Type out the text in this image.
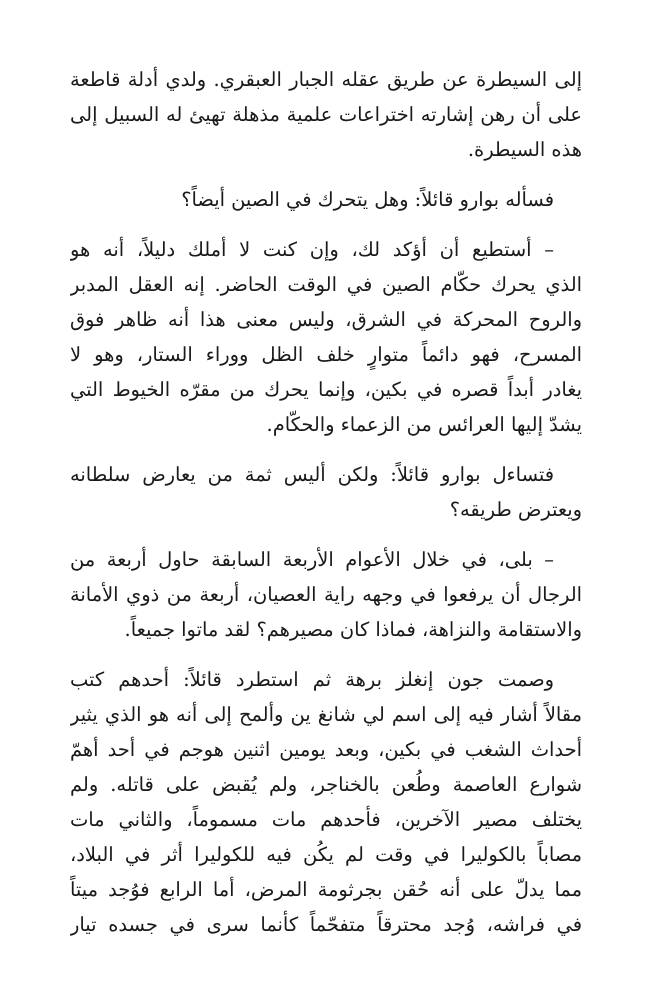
إلى السيطرة عن طريق عقله الجبار العبقري. ولدي أدلة قاطعة
على أن رهن إشارته اختراعات علمية مذهلة تهيئ له السبيل إلى
هذه السيطرة.

فسأله بوارو قائلاً: وهل يتحرك في الصين أيضاً؟

– أستطيع أن أؤكد لك، وإن كنت لا أملك دليلاً، أنه هو
الذي يحرك حكّام الصين في الوقت الحاضر. إنه العقل المدبر
والروح المحركة في الشرق، وليس معنى هذا أنه ظاهر فوق
المسرح، فهو دائماً متوارٍ خلف الظل ووراء الستار، وهو لا
يغادر أبداً قصره في بكين، وإنما يحرك من مقرّه الخيوط التي
يشدّ إليها العرائس من الزعماء والحكّام.

فتساءل بوارو قائلاً: ولكن أليس ثمة من يعارض سلطانه
ويعترض طريقه؟

– بلى، في خلال الأعوام الأربعة السابقة حاول أربعة من
الرجال أن يرفعوا في وجهه راية العصيان، أربعة من ذوي الأمانة
والاستقامة والنزاهة، فماذا كان مصيرهم؟ لقد ماتوا جميعاً.

وصمت جون إنغلز برهة ثم استطرد قائلاً: أحدهم كتب
مقالاً أشار فيه إلى اسم لي شانغ ين وألمح إلى أنه هو الذي يثير
أحداث الشغب في بكين، وبعد يومين اثنين هوجم في أحد أهمّ
شوارع العاصمة وطُعن بالخناجر، ولم يُقبض على قاتله. ولم
يختلف مصير الآخرين، فأحدهم مات مسموماً، والثاني مات
مصاباً بالكوليرا في وقت لم يكُن فيه للكوليرا أثر في البلاد،
مما يدلّ على أنه حُقن بجرثومة المرض، أما الرابع فوُجد ميتاً
في فراشه، وُجد محترقاً متفحّماً كأنما سرى في جسده تيار
